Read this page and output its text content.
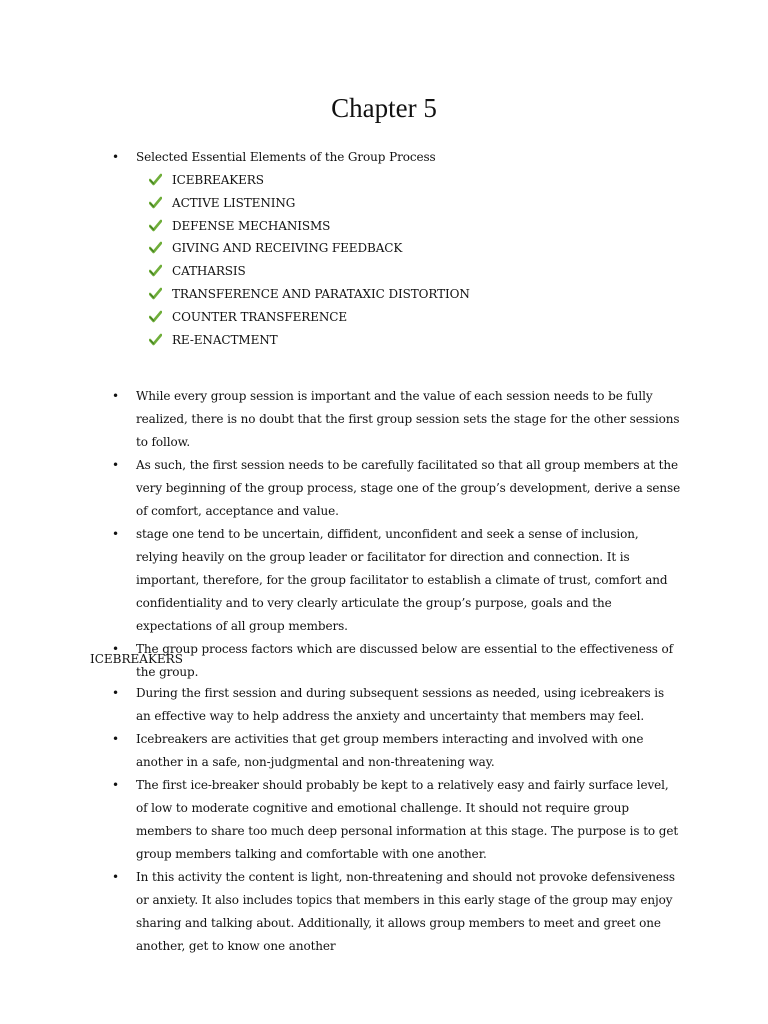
Chapter 5
• Selected Essential Elements of the Group Process
ICEBREAKERS
ACTIVE LISTENING
DEFENSE MECHANISMS
GIVING AND RECEIVING FEEDBACK
CATHARSIS
TRANSFERENCE AND PARATAXIC DISTORTION
COUNTER TRANSFERENCE
RE-ENACTMENT
• While every group session is important and the value of each session needs to be fully realized, there is no doubt that the first group session sets the stage for the other sessions to follow.
• As such, the first session needs to be carefully facilitated so that all group members at the very beginning of the group process, stage one of the group’s development, derive a sense of comfort, acceptance and value.
• stage one tend to be uncertain, diffident, unconfident and seek a sense of inclusion, relying heavily on the group leader or facilitator for direction and connection. It is important, therefore, for the group facilitator to establish a climate of trust, comfort and confidentiality and to very clearly articulate the group’s purpose, goals and the expectations of all group members.
• The group process factors which are discussed below are essential to the effectiveness of the group.
ICEBREAKERS
• During the first session and during subsequent sessions as needed, using icebreakers is an effective way to help address the anxiety and uncertainty that members may feel.
• Icebreakers are activities that get group members interacting and involved with one another in a safe, non-judgmental and non-threatening way.
• The first ice-breaker should probably be kept to a relatively easy and fairly surface level, of low to moderate cognitive and emotional challenge. It should not require group members to share too much deep personal information at this stage. The purpose is to get group members talking and comfortable with one another.
• In this activity the content is light, non-threatening and should not provoke defensiveness or anxiety. It also includes topics that members in this early stage of the group may enjoy sharing and talking about. Additionally, it allows group members to meet and greet one another, get to know one another
